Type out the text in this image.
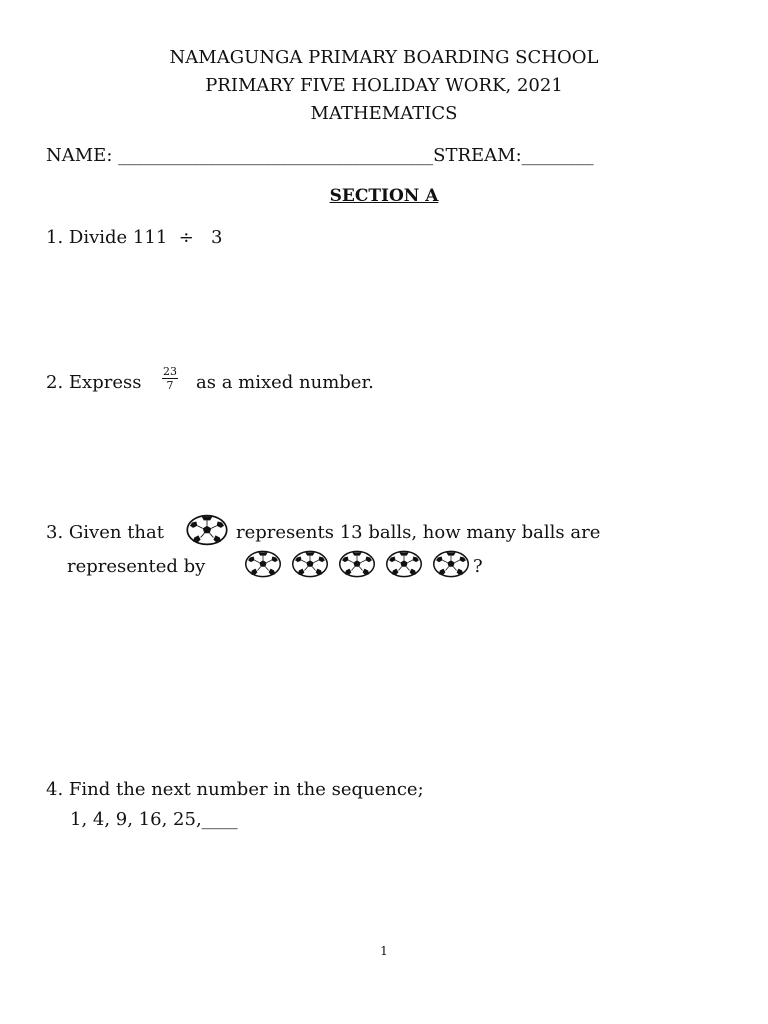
NAMAGUNGA PRIMARY BOARDING SCHOOL
PRIMARY FIVE HOLIDAY WORK, 2021
MATHEMATICS
NAME: ___________________________________STREAM:________
SECTION A
1. Divide 111  ÷   3
2. Express $\frac{23}{7}$ as a mixed number.
3. Given that	represents 13 balls, how many balls are
represented by	?
4. Find the next number in the sequence;
1, 4, 9, 16, 25,____
1
